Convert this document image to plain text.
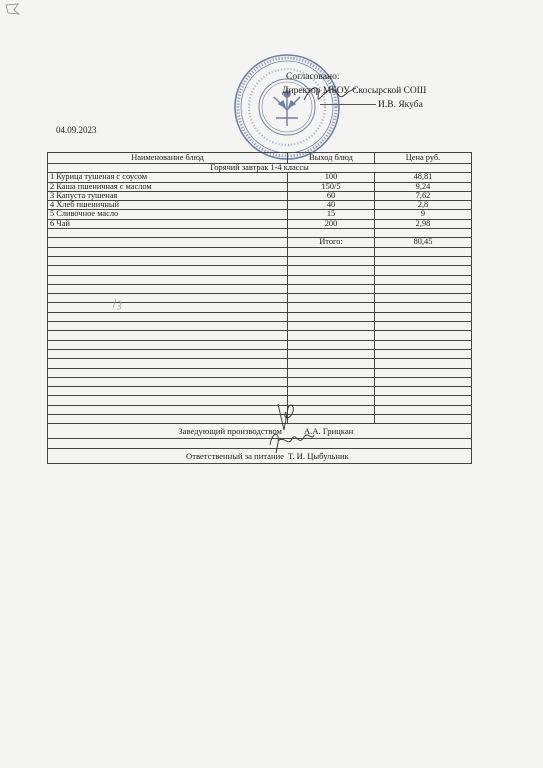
Согласовано:
Директор МБОУ Скосырской СОШ
И.В. Якуба
04.09.2023
Наименование блюд	Выход блюд	Цена руб.
Горячий завтрак 1-4 классы		
1 Курица тушеная с соусом	100	48,81
2 Каша пшеничная с маслом	150/5	9,24
3 Капуста тушеная	60	7,62
4 Хлеб пшеничный	40	2,8
5 Сливочное масло	15	9
6 Чай	200	2,98

	Итого:	80,45

Заведующий производством А.А. Грицкан		

Ответственный за питание Т. И. Цыбульник		
